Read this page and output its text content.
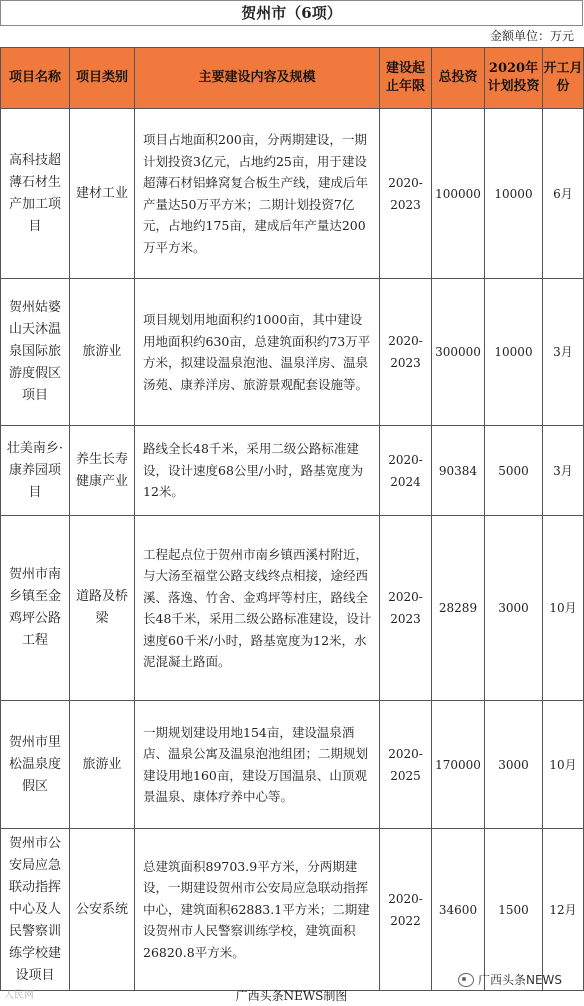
贺州市（6项）
金额单位：万元
项目名称	项目类别	主要建设内容及规模	建设起止年限	总投资	2020年计划投资	开工月份
高科技超薄石材生产加工项目	建材工业	项目占地面积200亩，分两期建设，一期计划投资3亿元，占地约25亩，用于建设超薄石材铝蜂窝复合板生产线，建成后年产量达50万平方米；二期计划投资7亿元，占地约175亩，建成后年产量达200万平方米。	2020-2023	100000	10000	6月
贺州姑婆山天沐温泉国际旅游度假区项目	旅游业	项目规划用地面积约1000亩，其中建设用地面积约630亩，总建筑面积约73万平方米，拟建设温泉泡池、温泉洋房、温泉汤苑、康养洋房、旅游景观配套设施等。	2020-2023	300000	10000	3月
壮美南乡·康养园项目	养生长寿健康产业	路线全长48千米，采用二级公路标准建设，设计速度68公里/小时，路基宽度为12米。	2020-2024	90384	5000	3月
贺州市南乡镇至金鸡坪公路工程	道路及桥梁	工程起点位于贺州市南乡镇西溪村附近，与大汤至福堂公路支线终点相接，途经西溪、落逸、竹舍、金鸡坪等村庄，路线全长48千米，采用二级公路标准建设，设计速度60千米/小时，路基宽度为12米，水泥混凝土路面。	2020-2023	28289	3000	10月
贺州市里松温泉度假区	旅游业	一期规划建设用地154亩，建设温泉酒店、温泉公寓及温泉泡池组团；二期规划建设用地160亩，建设万国温泉、山顶观景温泉、康体疗养中心等。	2020-2025	170000	3000	10月
贺州市公安局应急联动指挥中心及人民警察训练学校建设项目	公安系统	总建筑面积89703.9平方米，分两期建设，一期建设贺州市公安局应急联动指挥中心，建筑面积62883.1平方米；二期建设贺州市人民警察训练学校，建筑面积26820.8平方米。	2020-2022	34600	1500	12月
广西头条NEWS
人民网	广西头条NEWS制图
